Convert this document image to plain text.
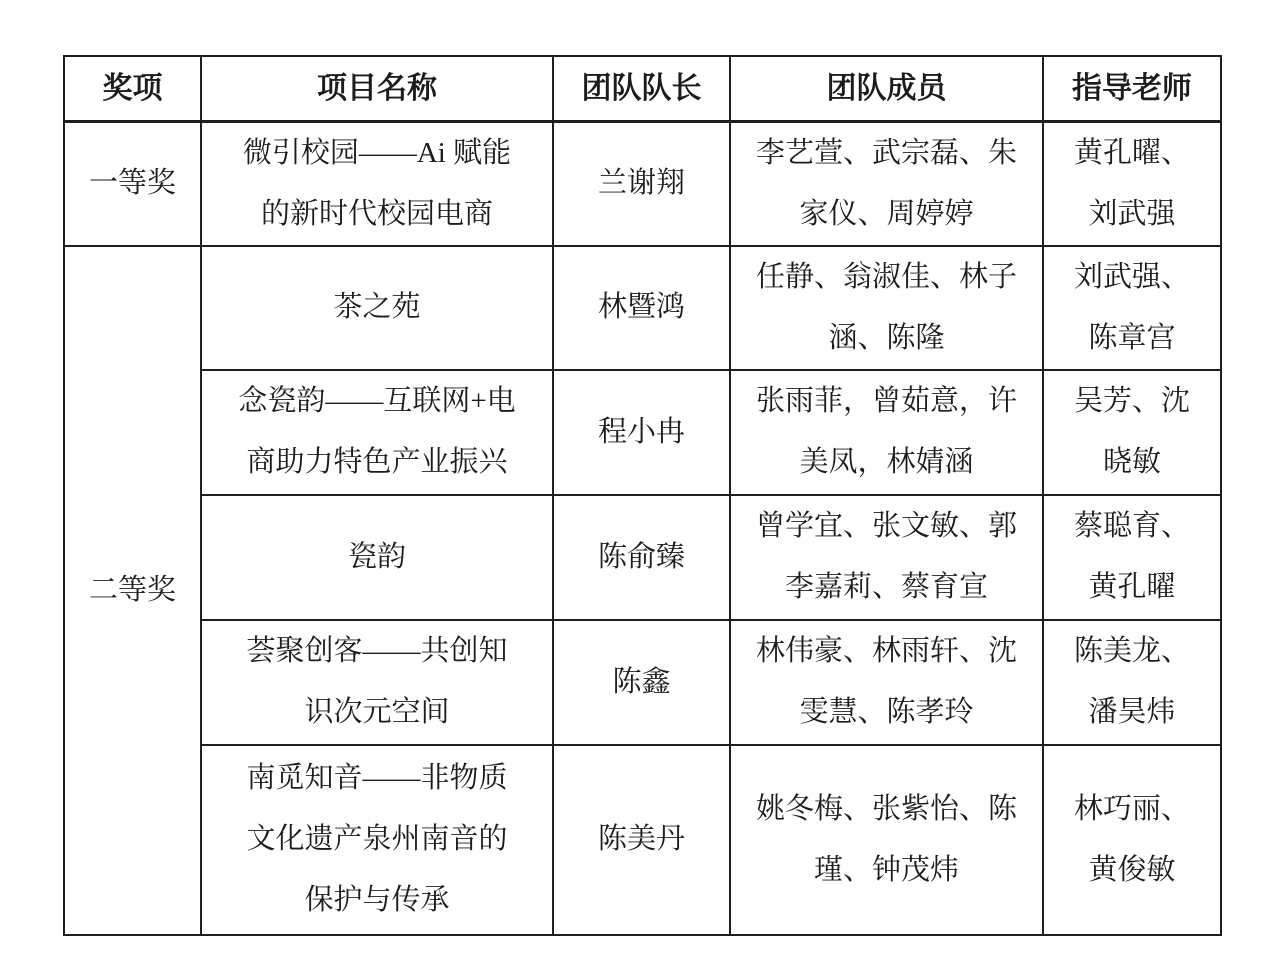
奖项	项目名称	团队队长	团队成员	指导老师
一等奖	微引校园——Ai 赋能的新时代校园电商	兰谢翔	李艺萱、武宗磊、朱家仪、周婷婷	黄孔曜、刘武强
二等奖	茶之苑	林暨鸿	任静、翁淑佳、林子涵、陈隆	刘武强、陈章宫
	念瓷韵——互联网+电商助力特色产业振兴	程小冉	张雨菲，曾茹意，许美凤，林婧涵	吴芳、沈晓敏
	瓷韵	陈俞臻	曾学宜、张文敏、郭李嘉莉、蔡育宣	蔡聪育、黄孔曜
	荟聚创客——共创知识次元空间	陈鑫	林伟豪、林雨轩、沈雯慧、陈孝玲	陈美龙、潘昊炜
	南觅知音——非物质文化遗产泉州南音的保护与传承	陈美丹	姚冬梅、张紫怡、陈瑾、钟茂炜	林巧丽、黄俊敏
